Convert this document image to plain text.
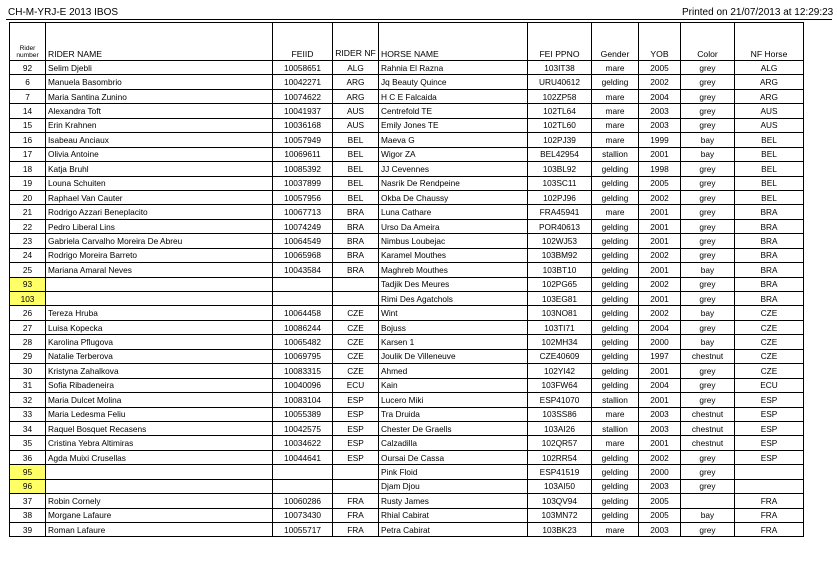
CH-M-YRJ-E 2013 IBOS	Printed on 21/07/2013 at 12:29:23
Rider number	RIDER NAME	FEIID	RIDER NF	HORSE NAME	FEI PPNO	Gender	YOB	Color	NF Horse
92	Selim Djebli	10058651	ALG	Rahnia El Razna	103IT38	mare	2005	grey	ALG
6	Manuela Basombrio	10042271	ARG	Jq Beauty Quince	URU40612	gelding	2002	grey	ARG
7	Maria Santina Zunino	10074622	ARG	H C E Falcaida	102ZP58	mare	2004	grey	ARG
14	Alexandra Toft	10041937	AUS	Centrefold TE	102TL64	mare	2003	grey	AUS
15	Erin Krahnen	10036168	AUS	Emily Jones TE	102TL60	mare	2003	grey	AUS
16	Isabeau Anciaux	10057949	BEL	Maeva G	102PJ39	mare	1999	bay	BEL
17	Olivia Antoine	10069611	BEL	Wigor ZA	BEL42954	stallion	2001	bay	BEL
18	Katja Bruhl	10085392	BEL	JJ Cevennes	103BL92	gelding	1998	grey	BEL
19	Louna Schuiten	10037899	BEL	Nasrik De Rendpeine	103SC11	gelding	2005	grey	BEL
20	Raphael Van Cauter	10057956	BEL	Okba De Chaussy	102PJ96	gelding	2002	grey	BEL
21	Rodrigo Azzari Beneplacito	10067713	BRA	Luna Cathare	FRA45941	mare	2001	grey	BRA
22	Pedro Liberal Lins	10074249	BRA	Urso Da Ameira	POR40613	gelding	2001	grey	BRA
23	Gabriela Carvalho Moreira De Abreu	10064549	BRA	Nimbus Loubejac	102WJ53	gelding	2001	grey	BRA
24	Rodrigo Moreira Barreto	10065968	BRA	Karamel Mouthes	103BM92	gelding	2002	grey	BRA
25	Mariana Amaral Neves	10043584	BRA	Maghreb Mouthes	103BT10	gelding	2001	bay	BRA
93				Tadjik Des Meures	102PG65	gelding	2002	grey	BRA
103				Rimi Des Agatchols	103EG81	gelding	2001	grey	BRA
26	Tereza Hruba	10064458	CZE	Wint	103NO81	gelding	2002	bay	CZE
27	Luisa Kopecka	10086244	CZE	Bojuss	103TI71	gelding	2004	grey	CZE
28	Karolina Pflugova	10065482	CZE	Karsen 1	102MH34	gelding	2000	bay	CZE
29	Natalie Terberova	10069795	CZE	Joulik De Villeneuve	CZE40609	gelding	1997	chestnut	CZE
30	Kristyna Zahalkova	10083315	CZE	Ahmed	102YI42	gelding	2001	grey	CZE
31	Sofia Ribadeneira	10040096	ECU	Kain	103FW64	gelding	2004	grey	ECU
32	Maria Dulcet Molina	10083104	ESP	Lucero Miki	ESP41070	stallion	2001	grey	ESP
33	Maria Ledesma Feliu	10055389	ESP	Tra Druida	103SS86	mare	2003	chestnut	ESP
34	Raquel Bosquet Recasens	10042575	ESP	Chester De Graells	103AI26	stallion	2003	chestnut	ESP
35	Cristina Yebra Altimiras	10034622	ESP	Calzadilla	102QR57	mare	2001	chestnut	ESP
36	Agda Muixi Crusellas	10044641	ESP	Oursai De Cassa	102RR54	gelding	2002	grey	ESP
95				Pink Floid	ESP41519	gelding	2000	grey	
96				Djam Djou	103AI50	gelding	2003	grey	
37	Robin Cornely	10060286	FRA	Rusty James	103QV94	gelding	2005		FRA
38	Morgane Lafaure	10073430	FRA	Rhial Cabirat	103MN72	gelding	2005	bay	FRA
39	Roman Lafaure	10055717	FRA	Petra Cabirat	103BK23	mare	2003	grey	FRA
